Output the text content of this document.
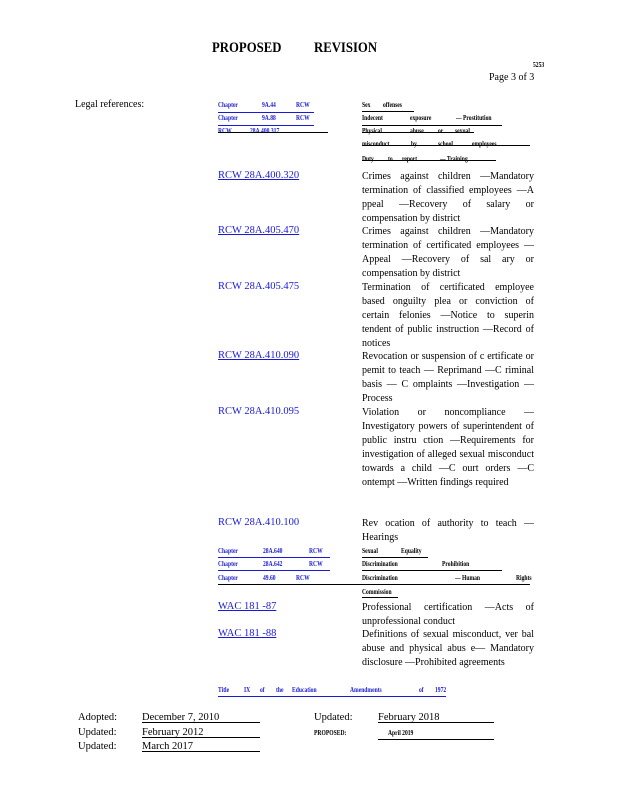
PROPOSED REVISION
5253
Page 3 of 3
Legal references:	Chapter	9A.44	RCW	Sex offenses
Chapter	9A.88	RCW	Indecent	exposure	— Prostitution
RCW	28A.400.317	Physical	abuse or sexual
misconduct	by	school	employees
Duty to report	— Training
RCW 28A.400.320	Crimes against children —Mandatory termination of classified employees —A ppeal —Recovery of salary or compensation by district
RCW 28A.405.470	Crimes against children —Mandatory termination of certificated employees —Appeal —Recovery of sal ary or compensation by district
RCW 28A.405.475	Termination of certificated employee based onguilty plea or conviction of certain felonies —Notice to superin tendent of public instruction —Record of notices
RCW 28A.410.090	Revocation or suspension of c ertificate or pemit to teach — Reprimand —C riminal basis — C omplaints —Investigation —Process
RCW 28A.410.095	Violation or noncompliance — Investigatory powers of superintendent of public instru ction —Requirements for investigation of alleged sexual misconduct towards a child —C ourt orders —C ontempt —Written findings required
RCW 28A.410.100	Rev ocation of authority to teach — Hearings
Chapter	28A.640	RCW	Sexual	Equality
Chapter	28A.642	RCW	Discrimination	Prohibition
Chapter	49.60	RCW	Discrimination	— Human	Rights
Commission
WAC 181 -87	Professional certification —Acts of unprofessional conduct
WAC 181 -88	Definitions of sexual misconduct, ver bal abuse and physical abus e— Mandatory disclosure —Prohibited agreements
Title IX of the Education	Amendments	of 1972
Adopted: December 7, 2010
Updated: February 2012
Updated: March 2017
Updated: February 2018
PROPOSED:	April 2019
